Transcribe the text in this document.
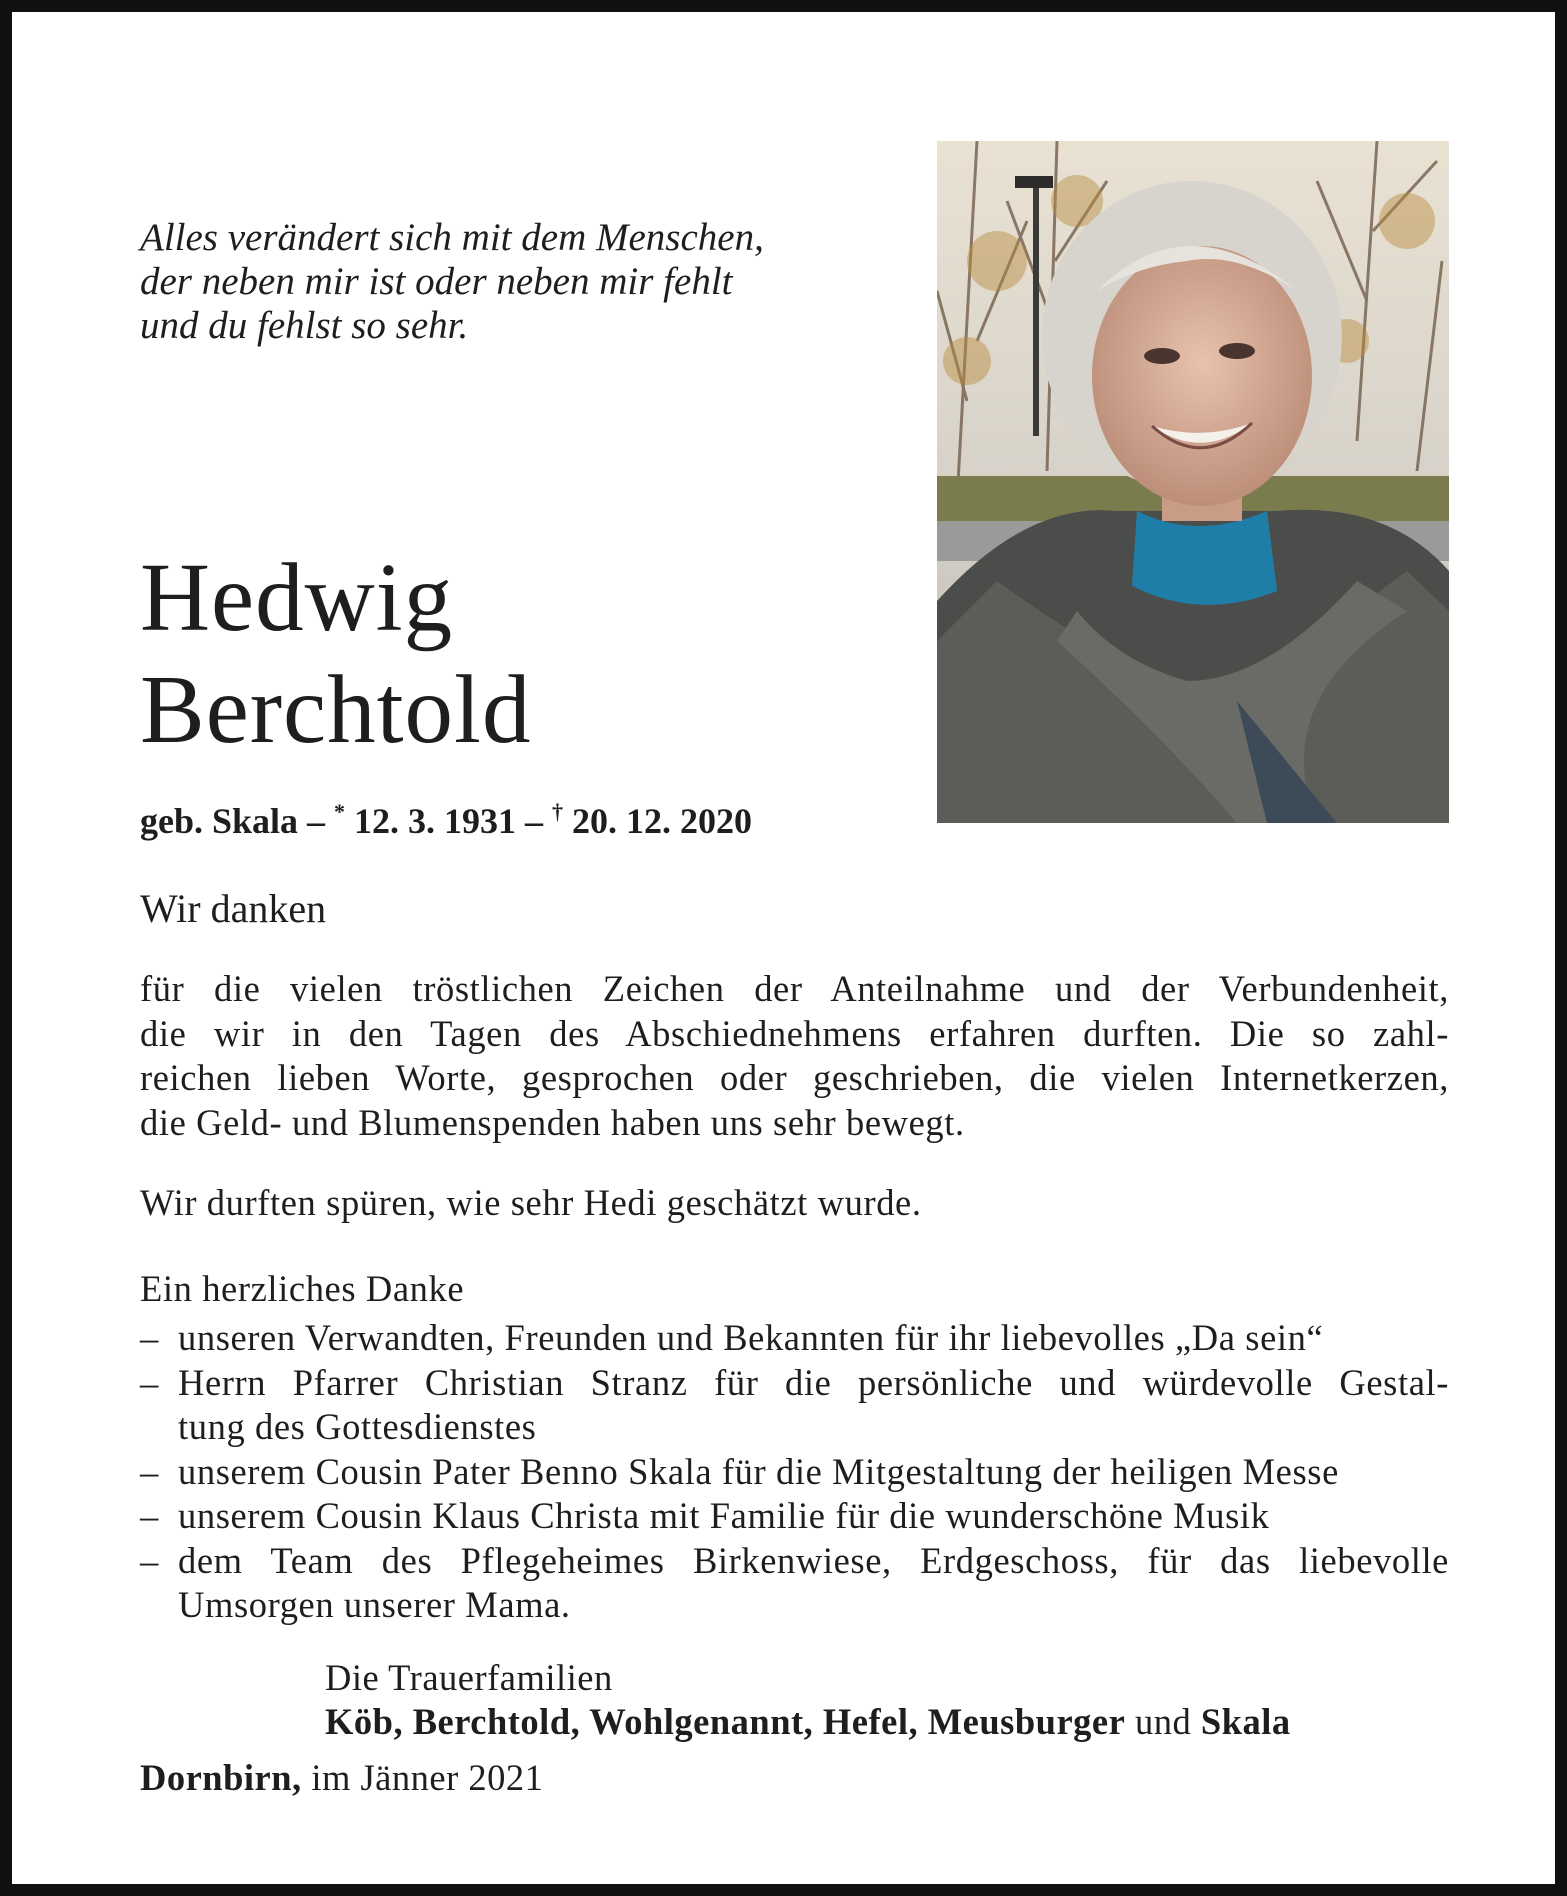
Alles verändert sich mit dem Menschen,
der neben mir ist oder neben mir fehlt
und du fehlst so sehr.
Hedwig
Berchtold
geb. Skala – * 12. 3. 1931 – † 20. 12. 2020
Wir danken
für die vielen tröstlichen Zeichen der Anteilnahme und der Verbundenheit,
die wir in den Tagen des Abschiednehmens erfahren durften. Die so zahl-
reichen lieben Worte, gesprochen oder geschrieben, die vielen Internetkerzen,
die Geld- und Blumenspenden haben uns sehr bewegt.
Wir durften spüren, wie sehr Hedi geschätzt wurde.
Ein herzliches Danke
– unseren Verwandten, Freunden und Bekannten für ihr liebevolles „Da sein“
– Herrn Pfarrer Christian Stranz für die persönliche und würdevolle Gestal-
tung des Gottesdienstes
– unserem Cousin Pater Benno Skala für die Mitgestaltung der heiligen Messe
– unserem Cousin Klaus Christa mit Familie für die wunderschöne Musik
– dem Team des Pflegeheimes Birkenwiese, Erdgeschoss, für das liebevolle
Umsorgen unserer Mama.
Die Trauerfamilien
Köb, Berchtold, Wohlgenannt, Hefel, Meusburger und Skala
Dornbirn, im Jänner 2021
